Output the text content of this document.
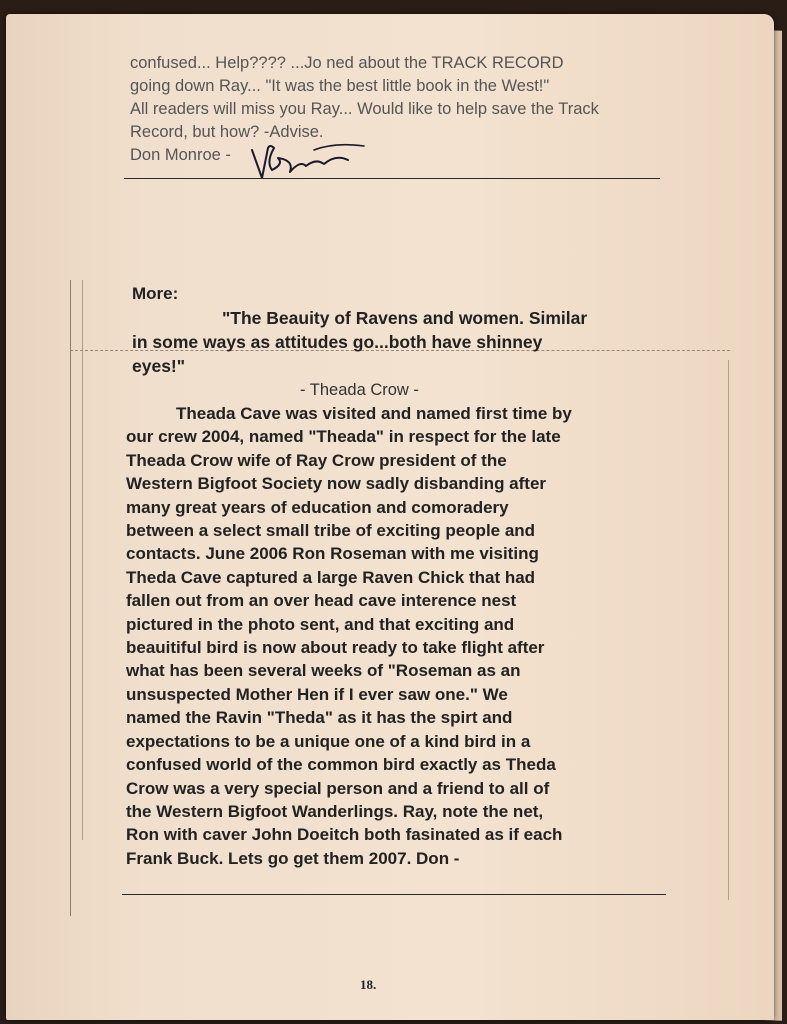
confused... Help???? ...Jo ned about the TRACK RECORD
going down Ray... "It was the best little book in the West!"
All readers will miss you Ray... Would like to help save the Track
Record, but how? -Advise.
Don Monroe -
More:
"The Beauity of Ravens and women. Similar
in some ways as attitudes go...both have shinney
eyes!"
- Theada Crow -
Theada Cave was visited and named first time by
our crew 2004, named "Theada" in respect for the late
Theada Crow wife of Ray Crow president of the
Western Bigfoot Society now sadly disbanding after
many great years of education and comoradery
between a select small tribe of exciting people and
contacts. June 2006 Ron Roseman with me visiting
Theda Cave captured a large Raven Chick that had
fallen out from an over head cave interence nest
pictured in the photo sent, and that exciting and
beauitiful bird is now about ready to take flight after
what has been several weeks of "Roseman as an
unsuspected Mother Hen if I ever saw one." We
named the Ravin "Theda" as it has the spirt and
expectations to be a unique one of a kind bird in a
confused world of the common bird exactly as Theda
Crow was a very special person and a friend to all of
the Western Bigfoot Wanderlings. Ray, note the net,
Ron with caver John Doeitch both fasinated as if each
Frank Buck. Lets go get them 2007. Don -
18.
